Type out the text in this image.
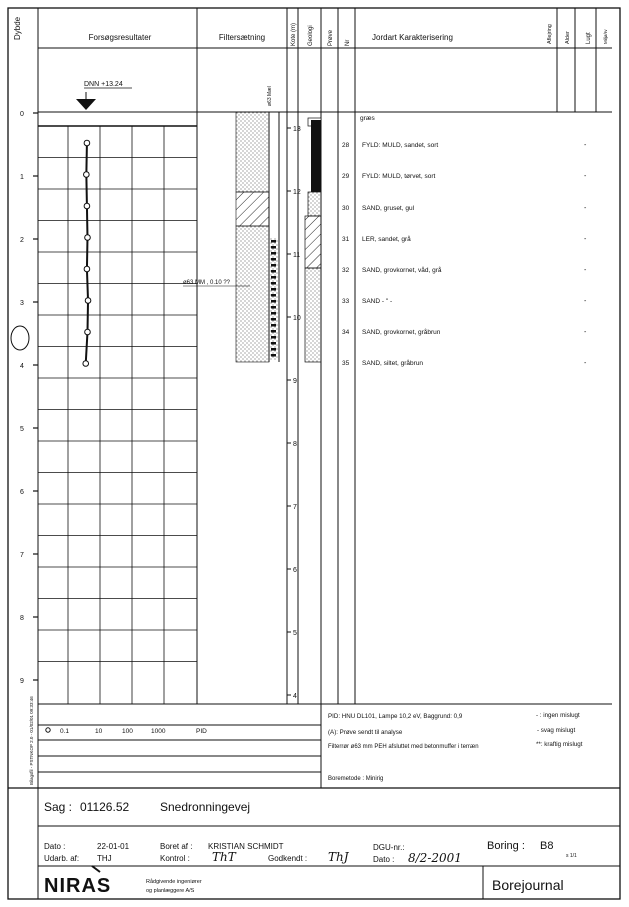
Dybde	Forsøgsresultater	Filtersætning	Kote (m) Geologi Prøve Nr
Jordart Karakterisering	Aflejring Alder	Lugt Miljø/rv
DNN +13.24
0
1
2
3
4
5
6
7
8
9
ø63 Mæl
ø63 MM , 0.10 ??
13
12
11
10
9
8
7
6
5
4
græs
28 FYLD: MULD, sandet, sort	-
29 FYLD: MULD, tørvet, sort	-
30 SAND, gruset, gul	-
31 LER, sandet, grå	-
32 SAND, grovkornet, våd, grå	-
33 SAND - " -	-
34 SAND, grovkornet, gråbrun	-
35 SAND, siltet, gråbrun	-
0.1	10	100	1000	PID
PID: HNU DL101, Lampe 10,2 eV, Baggrund: 0,9
(A): Prøve sendt til analyse
Filterrør ø63 mm PEH afsluttet med betonmuffer i terræn
Boremetode : Minirig
- : ingen mislugt
- svag mislugt
**: kraftig mislugt
Bilagsfil - PSTNKOP 2.0 - 01/02/01 09:33:46
Sag : 01126.52	Snedronningevej
Dato :	22-01-01
Udarb. af: THJ
Boret af : KRISTIAN SCHMIDT
Kontrol : ThT	Godkendt : ThJ
DGU-nr.:
Dato : 8/2-2001
Boring : B8
s 1/1
NIRAS	Rådgivende ingeniører
og planlæggere A/S	Borejournal
